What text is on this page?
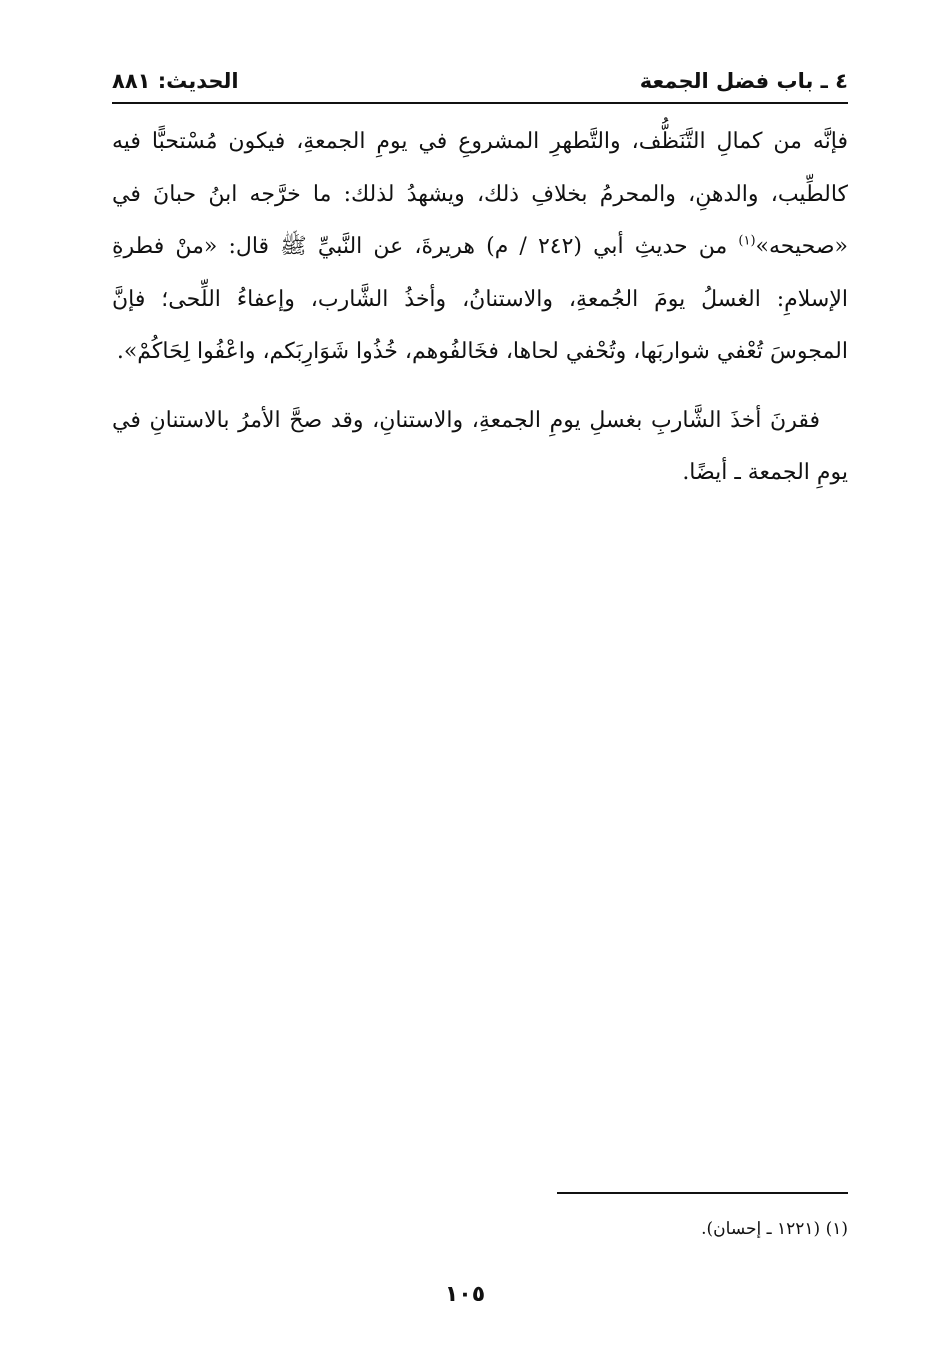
٤ ـ باب فضل الجمعة
الحديث: ٨٨١

فإنَّه من كمالِ التَّنَظُّف، والتَّطهرِ المشروعِ في يومِ الجمعةِ، فيكون مُسْتحبًّا فيه كالطِّيب، والدهنِ، والمحرمُ بخلافِ ذلك، ويشهدُ لذلك: ما خرَّجه ابنُ حبانَ في «صحيحه»$^{(١)}$ من حديثِ أبي (٢٤٢ / م) هريرةَ، عن النَّبيِّ ﷺ قال: «منْ فطرةِ الإسلامِ: الغسلُ يومَ الجُمعةِ، والاستنانُ، وأخذُ الشَّارب، وإعفاءُ اللِّحى؛ فإنَّ المجوسَ تُعْفي شواربَها، وتُحْفي لحاها، فخَالفُوهم، خُذُوا شَوَارِبَكم، واعْفُوا لِحَاكُمْ».

فقرنَ أخذَ الشَّاربِ بغسلِ يومِ الجمعةِ، والاستنانِ، وقد صحَّ الأمرُ بالاستنانِ في يومِ الجمعة ـ أيضًا.

(١) (١٢٢١ ـ إحسان).
١٠٥
